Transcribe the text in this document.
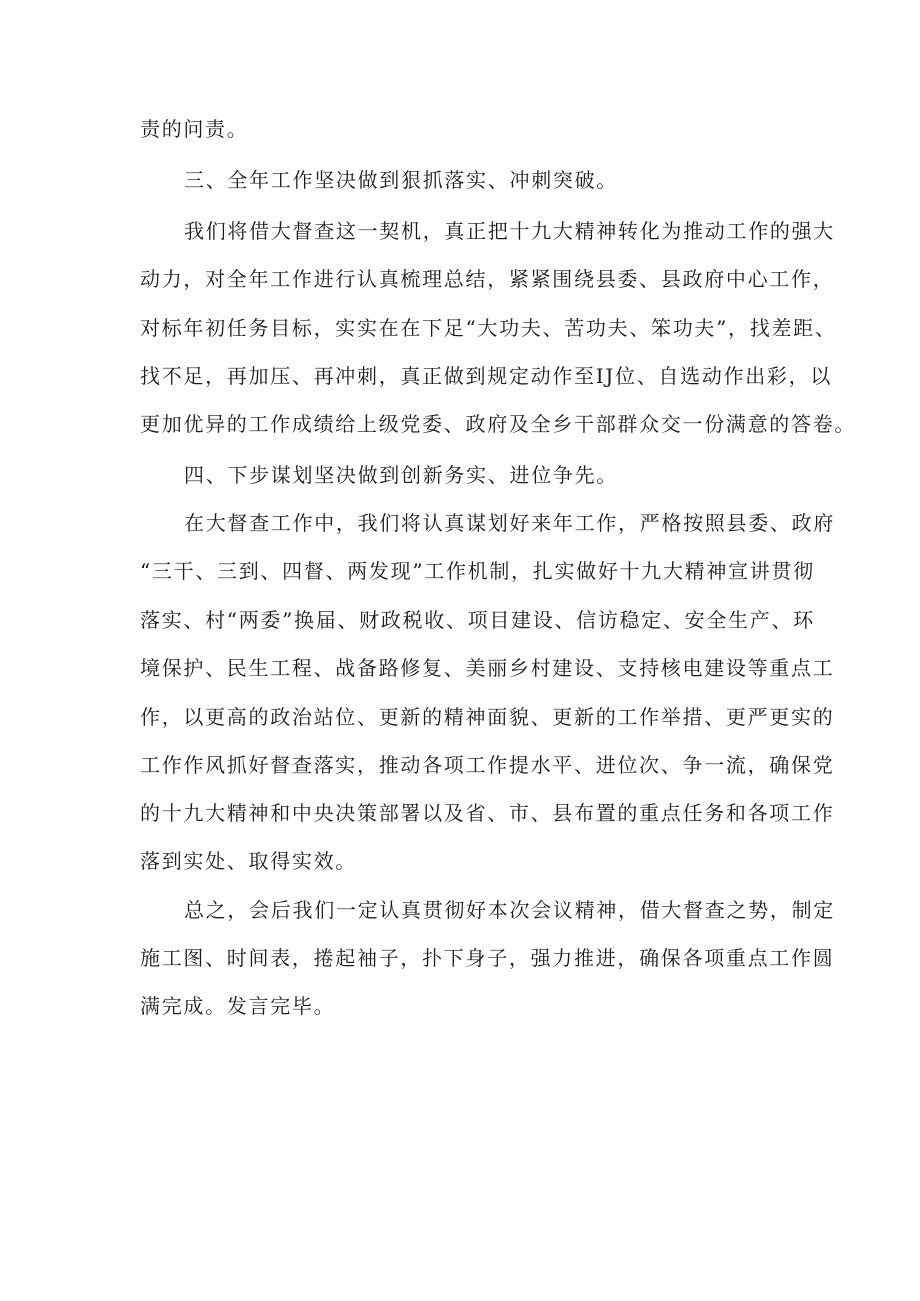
责的问责。
三、全年工作坚决做到狠抓落实、冲刺突破。
我们将借大督查这一契机，真正把十九大精神转化为推动工作的强大
动力，对全年工作进行认真梳理总结，紧紧围绕县委、县政府中心工作，
对标年初任务目标，实实在在下足“大功夫、苦功夫、笨功夫”，找差距、
找不足，再加压、再冲刺，真正做到规定动作至IJ位、自选动作出彩，以
更加优异的工作成绩给上级党委、政府及全乡干部群众交一份满意的答卷。
四、下步谋划坚决做到创新务实、进位争先。
在大督查工作中，我们将认真谋划好来年工作，严格按照县委、政府
“三干、三到、四督、两发现”工作机制，扎实做好十九大精神宣讲贯彻
落实、村“两委”换届、财政税收、项目建设、信访稳定、安全生产、环
境保护、民生工程、战备路修复、美丽乡村建设、支持核电建设等重点工
作，以更高的政治站位、更新的精神面貌、更新的工作举措、更严更实的
工作作风抓好督查落实，推动各项工作提水平、进位次、争一流，确保党
的十九大精神和中央决策部署以及省、市、县布置的重点任务和各项工作
落到实处、取得实效。
总之，会后我们一定认真贯彻好本次会议精神，借大督查之势，制定
施工图、时间表，捲起袖子，扑下身子，强力推进，确保各项重点工作圆
满完成。发言完毕。
